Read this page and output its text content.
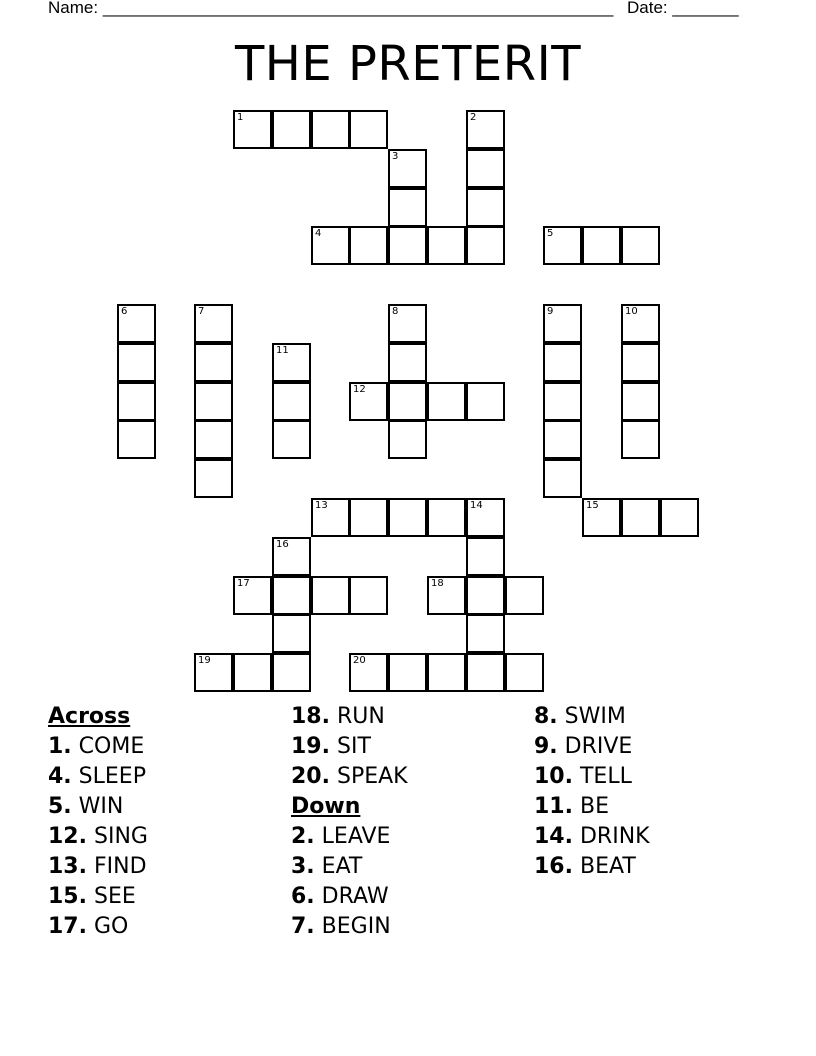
Name: ______________________________________________________ Date: _______
THE PRETERIT
1	2
3
4	5
6	7	8	9	10
11
12
13	14	15
16
17	18
19	20
Across
1. COME
4. SLEEP
5. WIN
12. SING
13. FIND
15. SEE
17. GO
18. RUN
19. SIT
20. SPEAK
Down
2. LEAVE
3. EAT
6. DRAW
7. BEGIN
8. SWIM
9. DRIVE
10. TELL
11. BE
14. DRINK
16. BEAT
